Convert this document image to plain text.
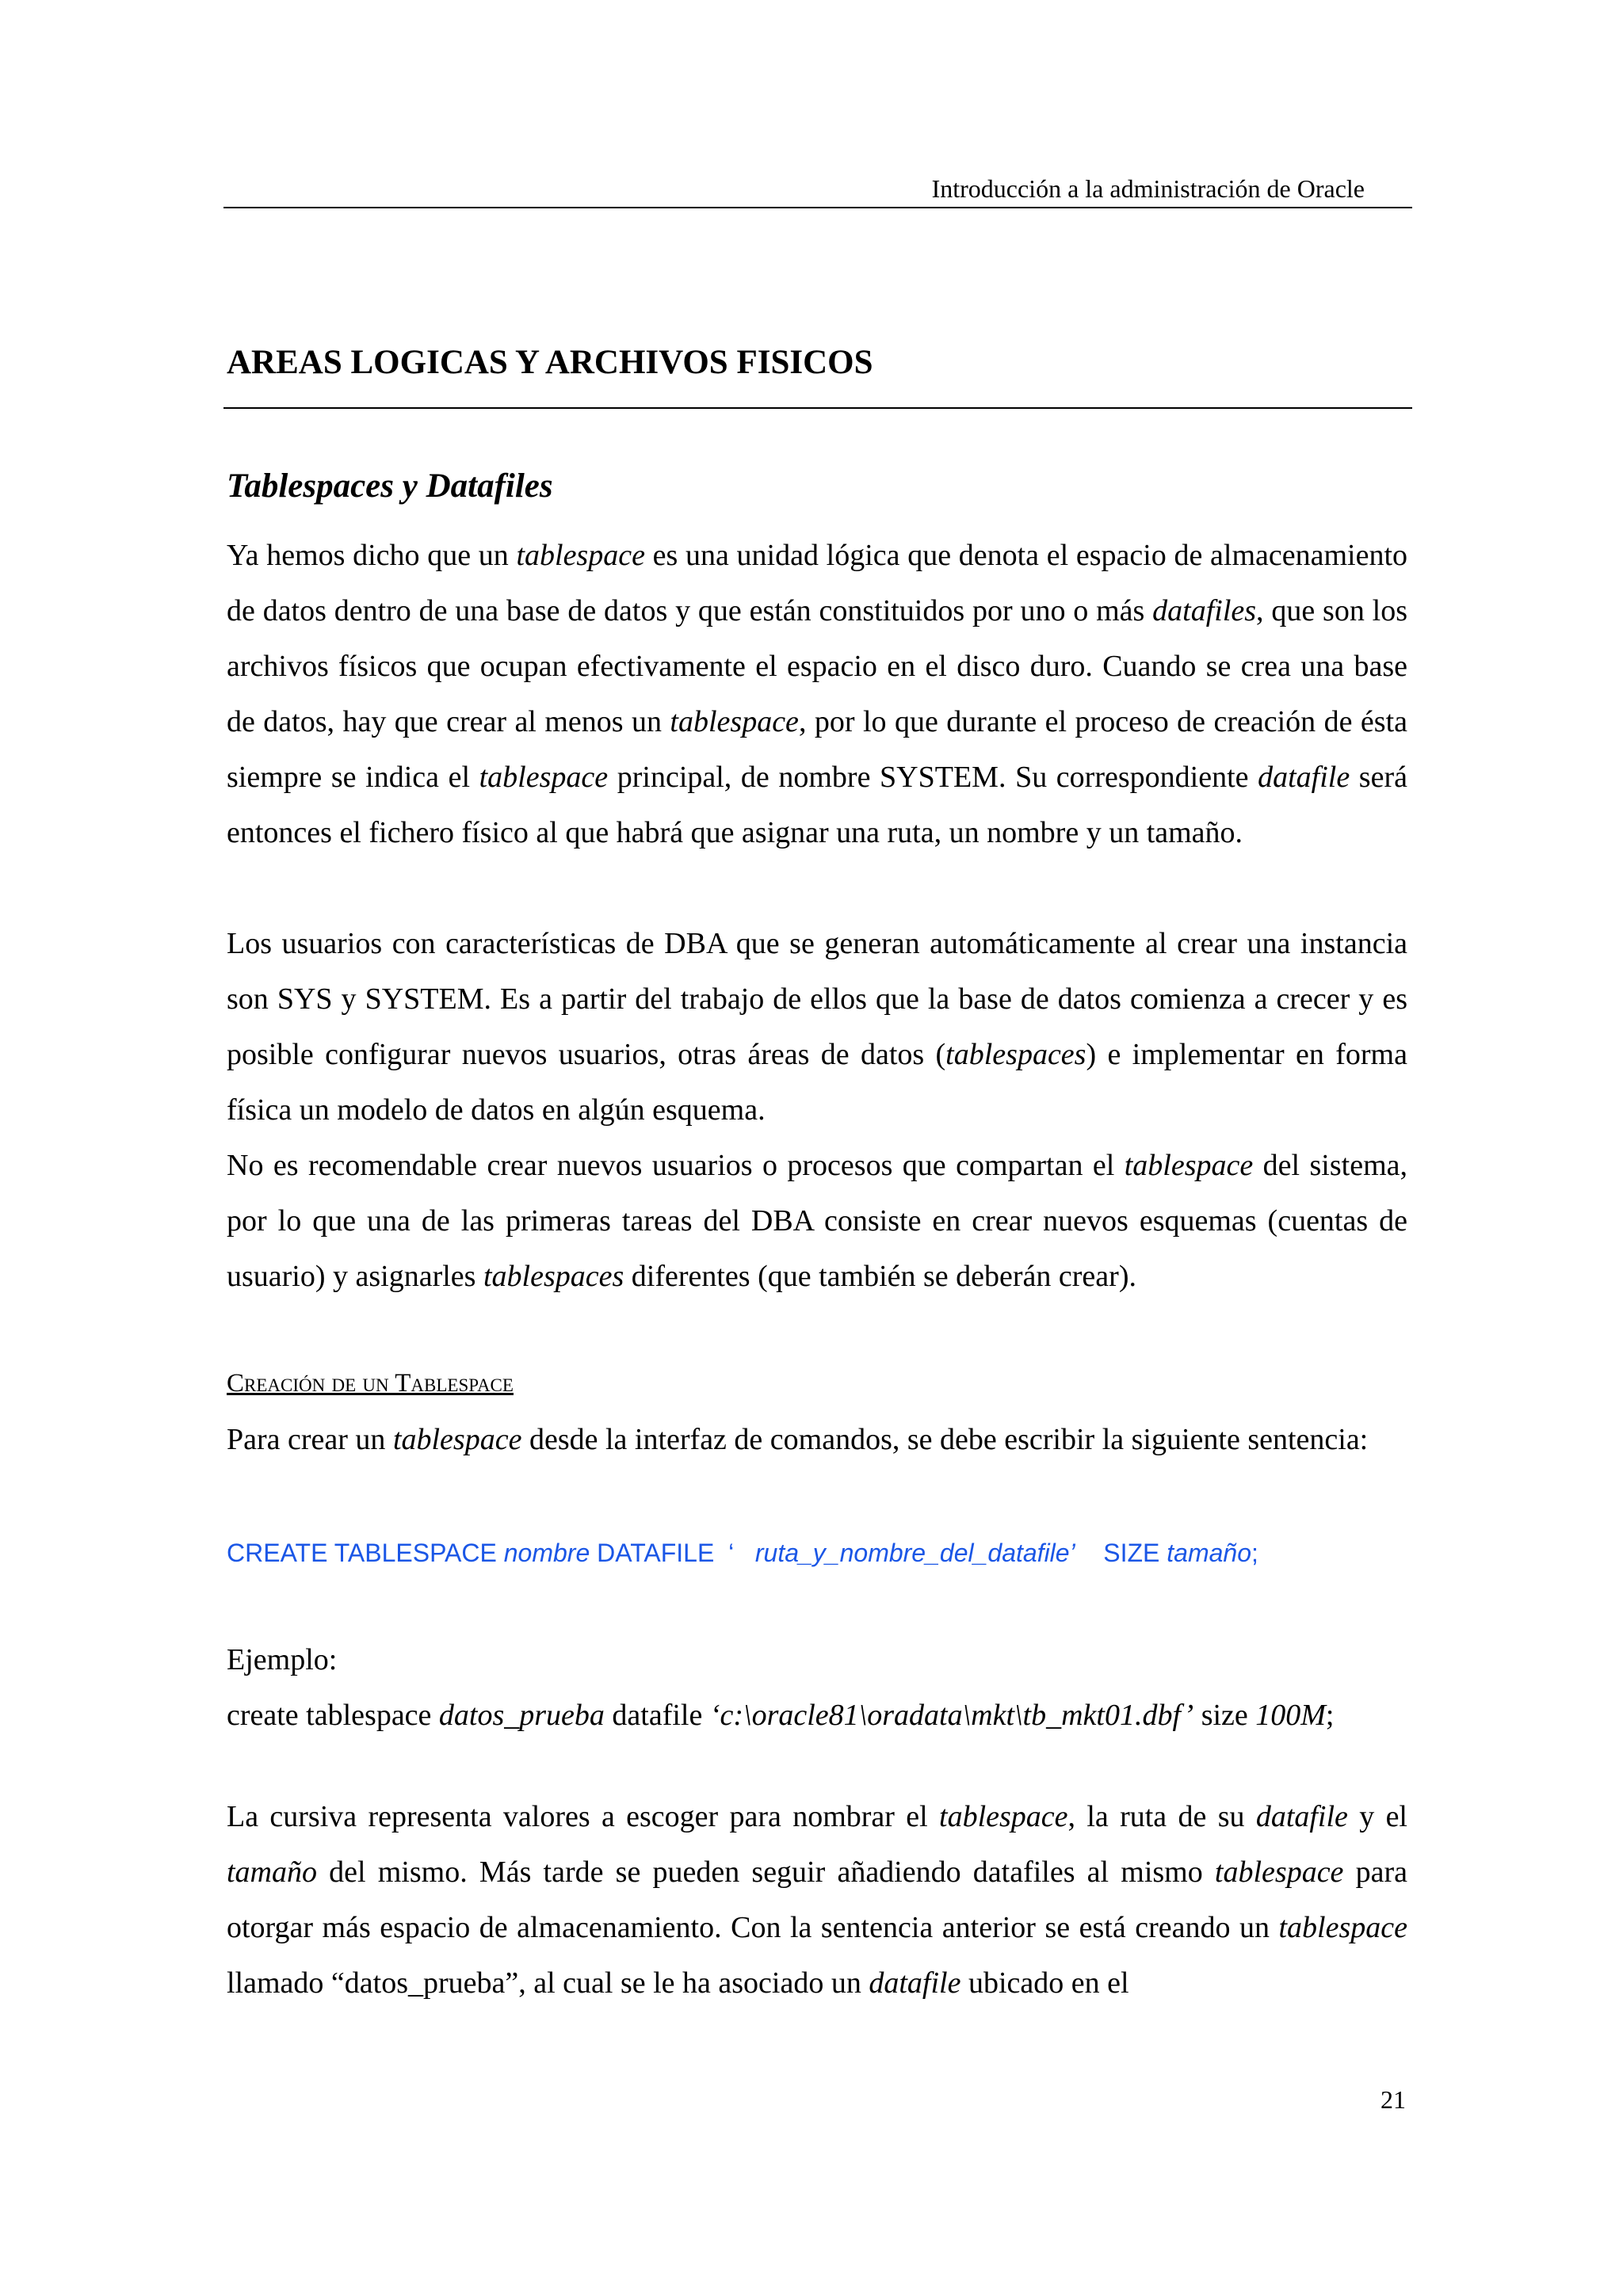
Introducción a la administración de Oracle
AREAS LOGICAS Y ARCHIVOS FISICOS
Tablespaces y Datafiles

Ya hemos dicho que un tablespace es una unidad lógica que denota el espacio de almacenamiento de datos dentro de una base de datos y que están constituidos por uno o más datafiles, que son los archivos físicos que ocupan efectivamente el espacio en el disco duro. Cuando se crea una base de datos, hay que crear al menos un tablespace, por lo que durante el proceso de creación de ésta siempre se indica el tablespace principal, de nombre SYSTEM. Su correspondiente datafile será entonces el fichero físico al que habrá que asignar una ruta, un nombre y un tamaño.

Los usuarios con características de DBA que se generan automáticamente al crear una instancia son SYS y SYSTEM. Es a partir del trabajo de ellos que la base de datos comienza a crecer y es posible configurar nuevos usuarios, otras áreas de datos (tablespaces) e implementar en forma física un modelo de datos en algún esquema.

No es recomendable crear nuevos usuarios o procesos que compartan el tablespace del sistema, por lo que una de las primeras tareas del DBA consiste en crear nuevos esquemas (cuentas de usuario) y asignarles tablespaces diferentes (que también se deberán crear).

Creación de un Tablespace

Para crear un tablespace desde la interfaz de comandos, se debe escribir la siguiente sentencia:

CREATE TABLESPACE nombre DATAFILE  ‘   ruta_y_nombre_del_datafile’    SIZE tamaño;
Ejemplo:
create tablespace datos_prueba datafile ‘c:\oracle81\oradata\mkt\tb_mkt01.dbf’ size 100M;

La cursiva representa valores a escoger para nombrar el tablespace, la ruta de su datafile y el tamaño del mismo. Más tarde se pueden seguir añadiendo datafiles al mismo tablespace para otorgar más espacio de almacenamiento. Con la sentencia anterior se está creando un tablespace llamado “datos_prueba”, al cual se le ha asociado un datafile ubicado en el

21
